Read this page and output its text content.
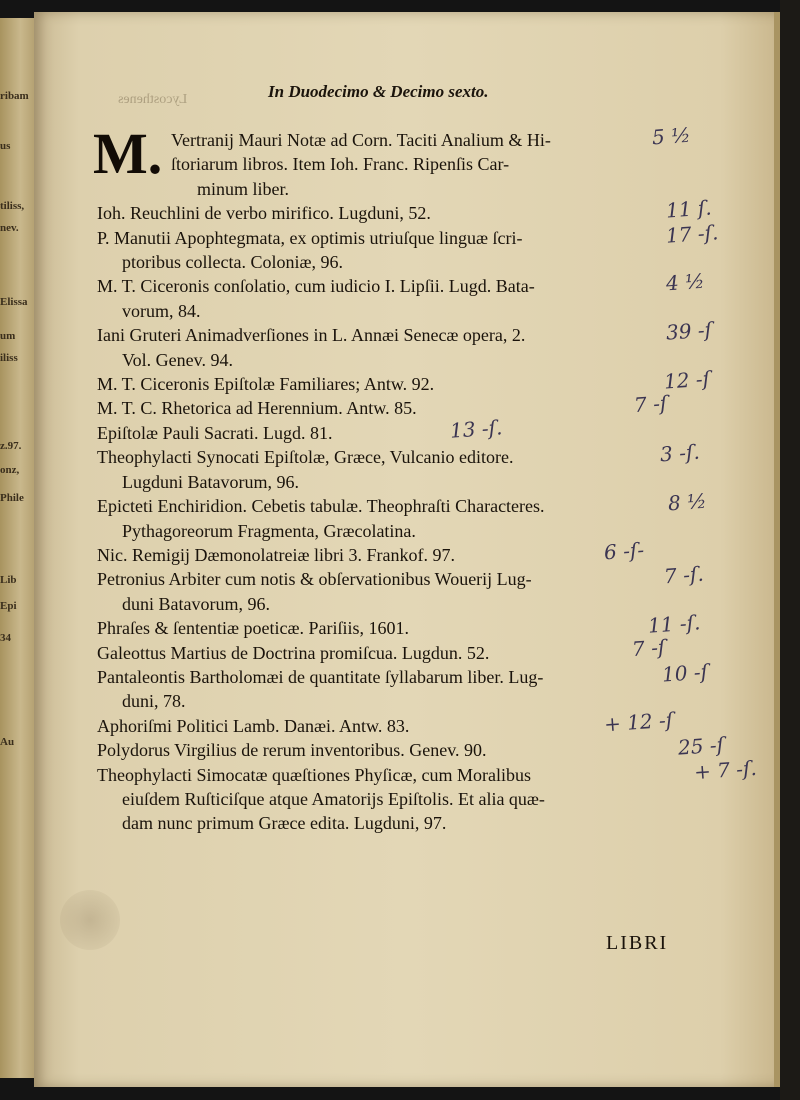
ribam
us
tiliss,
nev.
Elissa
um
iliss
z.97.
onz,
Phile
Lib
Epi
34
Au
Lycosthenes	In Duodecimo & Decimo sexto.
M. Vertranij Mauri Notæ ad Corn. Taciti Analium & Hi-
ſtoriarum libros. Item Ioh. Franc. Ripenſis Car-
minum liber.
Ioh. Reuchlini de verbo mirifico. Lugduni, 52.
P. Manutii Apophtegmata, ex optimis utriuſque linguæ ſcri-
ptoribus collecta. Coloniæ, 96.
M. T. Ciceronis conſolatio, cum iudicio I. Lipſii. Lugd. Bata-
vorum, 84.
Iani Gruteri Animadverſiones in L. Annæi Senecæ opera, 2.
Vol. Genev. 94.
M. T. Ciceronis Epiſtolæ Familiares; Antw. 92.
M. T. C. Rhetorica ad Herennium. Antw. 85.
Epiſtolæ Pauli Sacrati. Lugd. 81.
Theophylacti Synocati Epiſtolæ, Græce, Vulcanio editore.
Lugduni Batavorum, 96.
Epicteti Enchiridion. Cebetis tabulæ. Theophraſti Characteres.
Pythagoreorum Fragmenta, Græcolatina.
Nic. Remigij Dæmonolatreiæ libri 3. Frankof. 97.
Petronius Arbiter cum notis & obſervationibus Wouerij Lug-
duni Batavorum, 96.
Phraſes & ſententiæ poeticæ. Pariſiis, 1601.
Galeottus Martius de Doctrina promiſcua. Lugdun. 52.
Pantaleontis Bartholomæi de quantitate ſyllabarum liber. Lug-
duni, 78.
Aphoriſmi Politici Lamb. Danæi. Antw. 83.
Polydorus Virgilius de rerum inventoribus. Genev. 90.
Theophylacti Simocatæ quæſtiones Phyſicæ, cum Moralibus
eiuſdem Ruſticiſque atque Amatorijs Epiſtolis. Et alia quæ-
dam nunc primum Græce edita. Lugduni, 97.
LIBRI
5 ½
11 ſ.
17 -ſ.
4 ½
39 -ſ
12 -ſ
7 -ſ
13 -ſ.
3 -ſ.
8 ½
6 -ſ-
7 -ſ.
11 -ſ.
7 -ſ
10 -ſ
+ 12 -ſ
25 -ſ
+ 7 -ſ.
